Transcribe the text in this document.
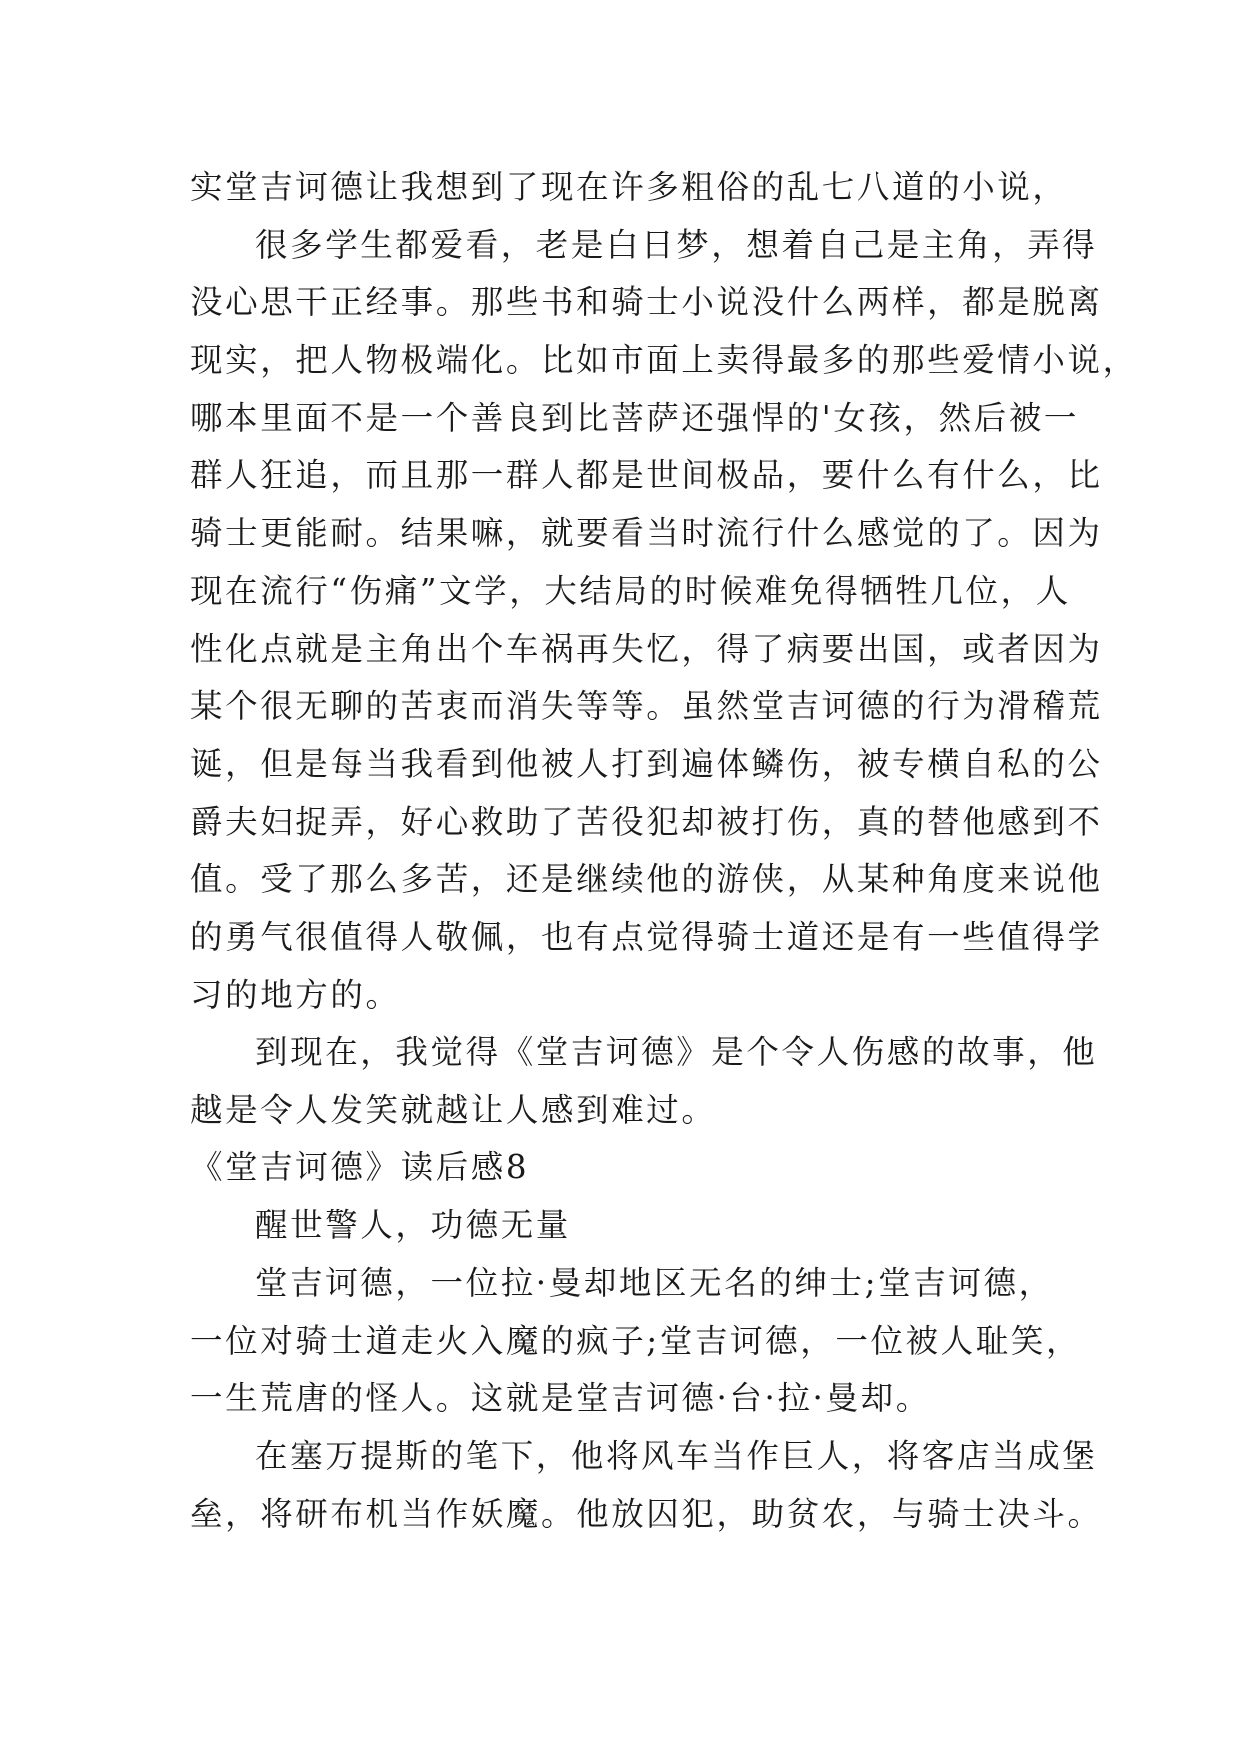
实堂吉诃德让我想到了现在许多粗俗的乱七八道的小说，

很多学生都爱看，老是白日梦，想着自己是主角，弄得

没心思干正经事。那些书和骑士小说没什么两样，都是脱离

现实，把人物极端化。比如市面上卖得最多的那些爱情小说，

哪本里面不是一个善良到比菩萨还强悍的'女孩，然后被一

群人狂追，而且那一群人都是世间极品，要什么有什么，比

骑士更能耐。结果嘛，就要看当时流行什么感觉的了。因为

现在流行“伤痛”文学，大结局的时候难免得牺牲几位，人

性化点就是主角出个车祸再失忆，得了病要出国，或者因为

某个很无聊的苦衷而消失等等。虽然堂吉诃德的行为滑稽荒

诞，但是每当我看到他被人打到遍体鳞伤，被专横自私的公

爵夫妇捉弄，好心救助了苦役犯却被打伤，真的替他感到不

值。受了那么多苦，还是继续他的游侠，从某种角度来说他

的勇气很值得人敬佩，也有点觉得骑士道还是有一些值得学

习的地方的。

到现在，我觉得《堂吉诃德》是个令人伤感的故事，他

越是令人发笑就越让人感到难过。

《堂吉诃德》读后感8

醒世警人，功德无量

堂吉诃德，一位拉·曼却地区无名的绅士;堂吉诃德，

一位对骑士道走火入魔的疯子;堂吉诃德，一位被人耻笑，

一生荒唐的怪人。这就是堂吉诃德·台·拉·曼却。

在塞万提斯的笔下，他将风车当作巨人，将客店当成堡

垒，将研布机当作妖魔。他放囚犯，助贫农，与骑士决斗。
